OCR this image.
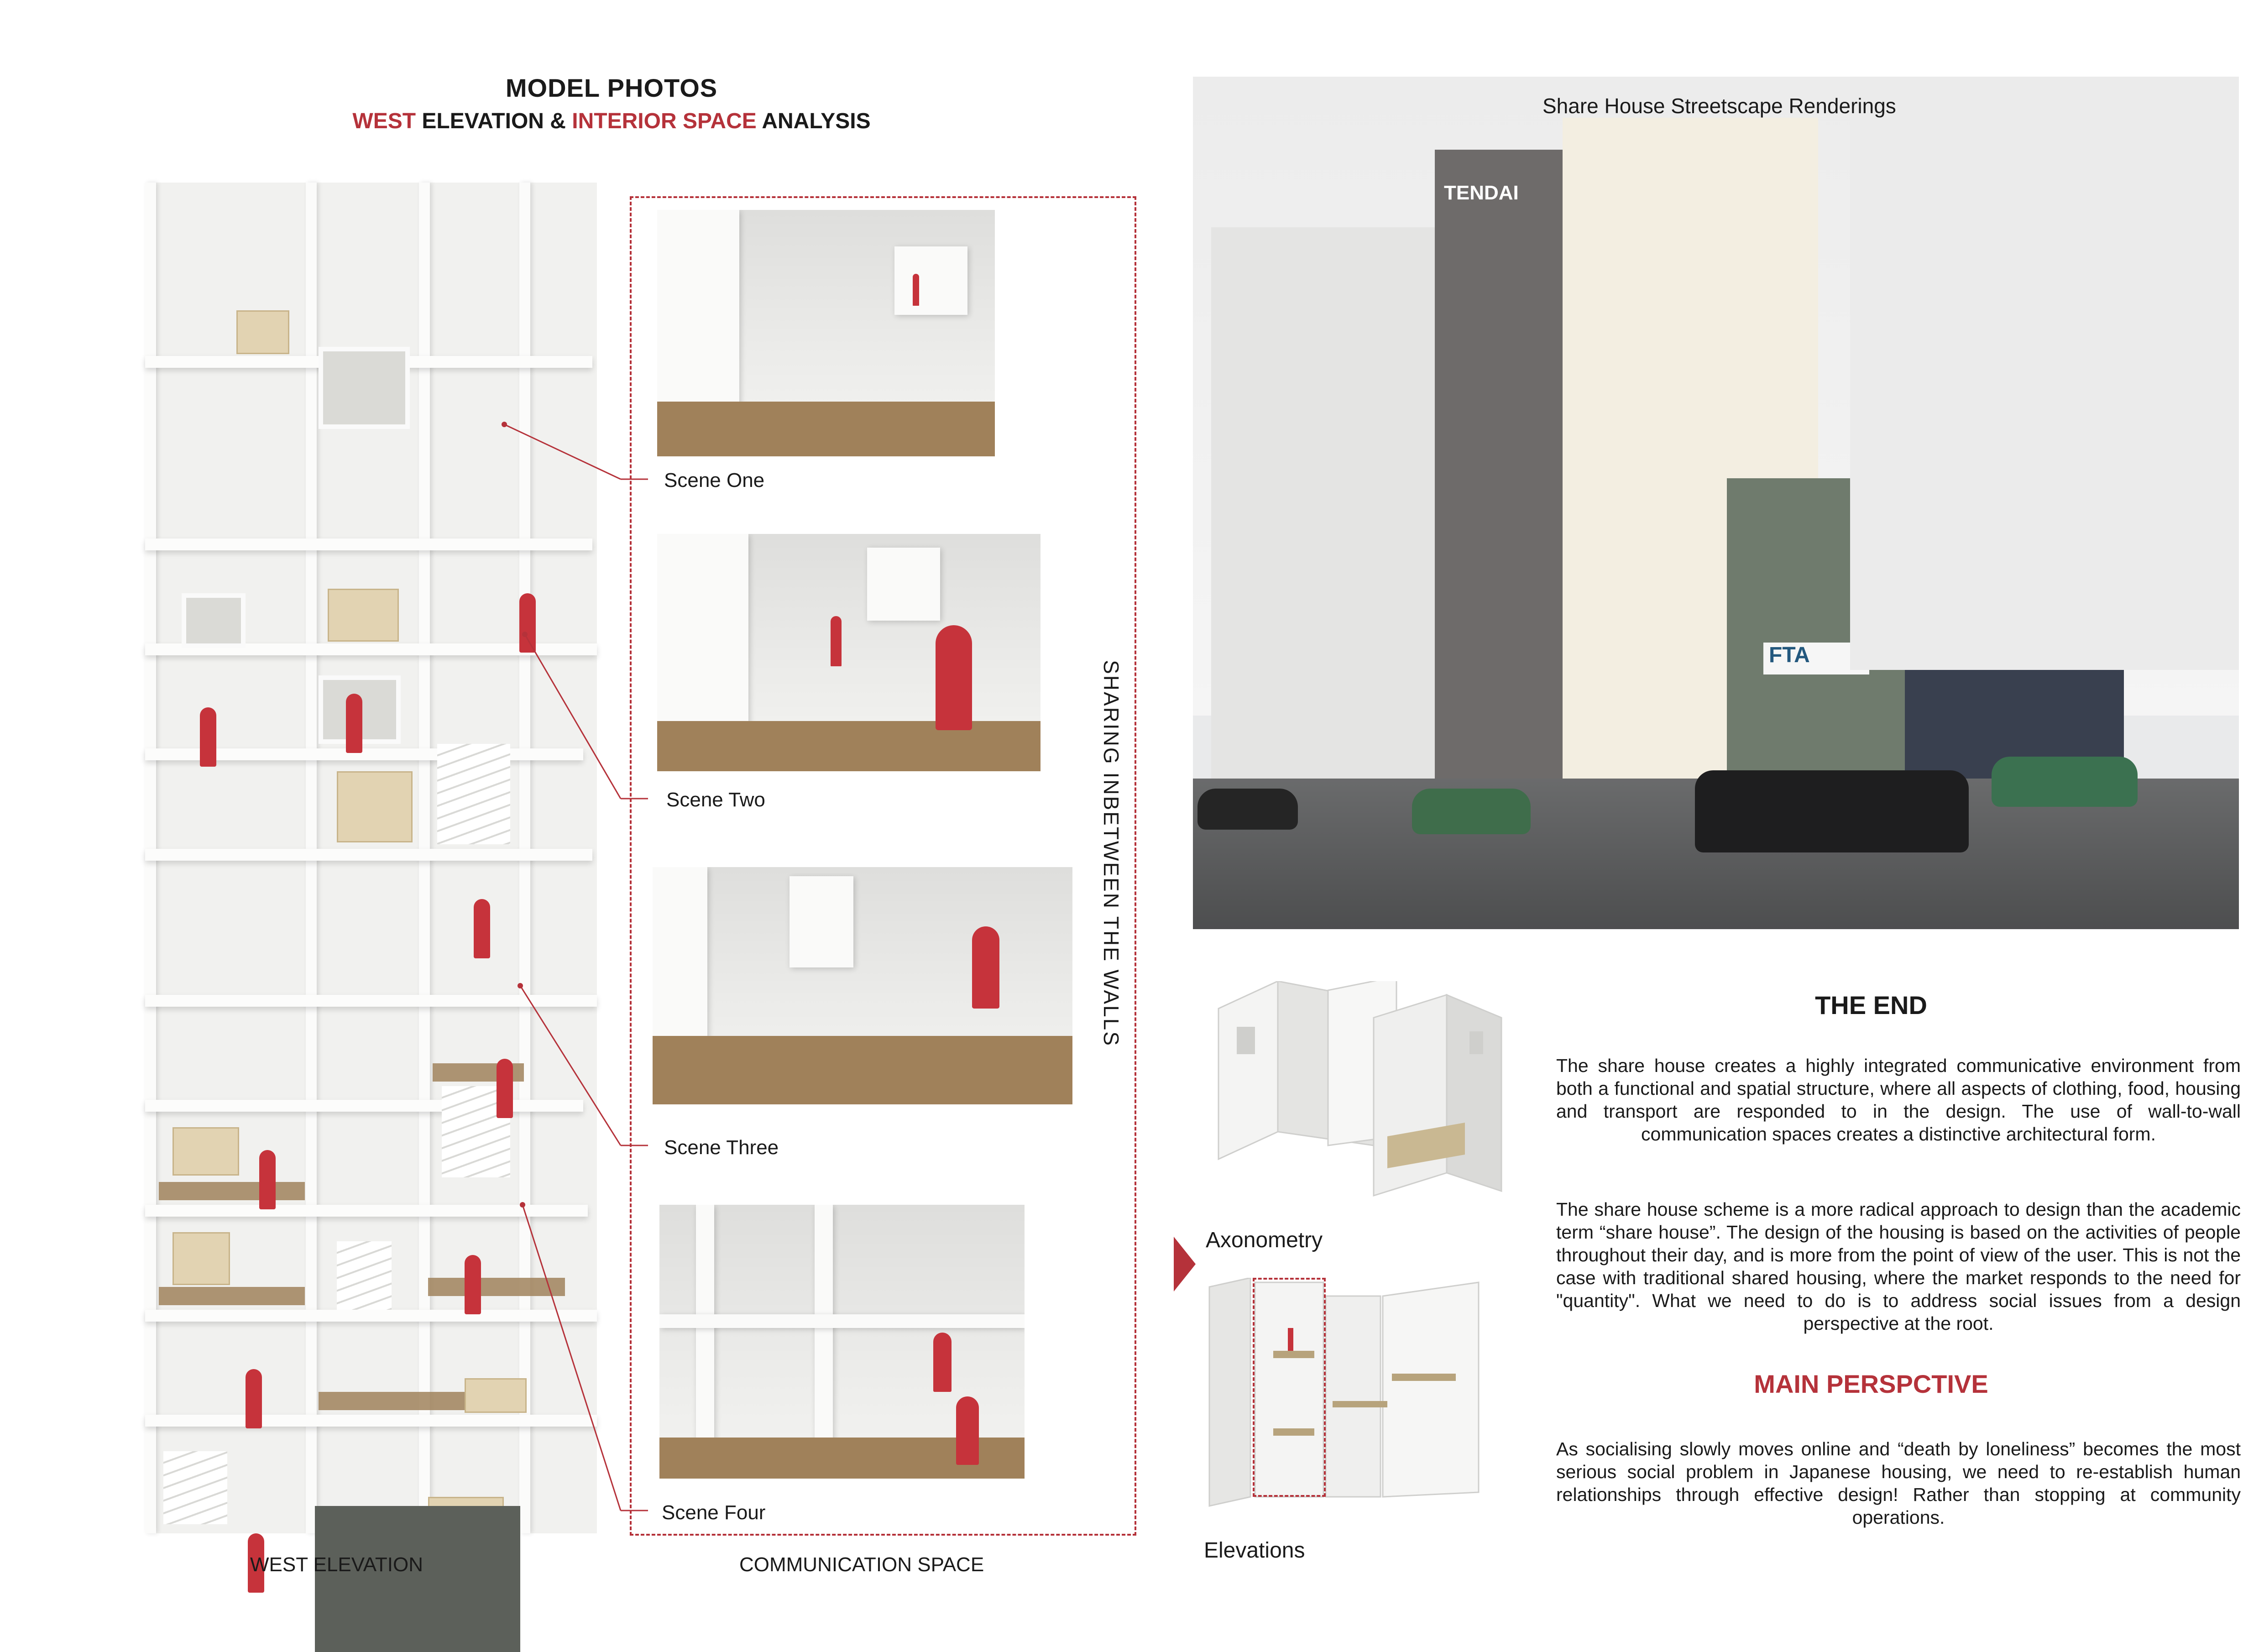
MODEL PHOTOS
WEST ELEVATION & INTERIOR SPACE ANALYSIS
Scene One
Scene Two
Scene Three
Scene Four
SHARING INBETWEEN THE WALLS
WEST ELEVATION	COMMUNICATION SPACE
TENDAI
FTA
Share House Streetscape Renderings
Axonometry
Elevations
THE END
The share house creates a highly integrated communicative environment from both a functional and spatial structure, where all aspects of clothing, food, housing and transport are responded to in the design. The use of wall-to-wall communication spaces creates a distinctive architectural form.
The share house scheme is a more radical approach to design than the academic term “share house”. The design of the housing is based on the activities of people throughout their day, and is more from the point of view of the user. This is not the case with traditional shared housing, where the market responds to the need for "quantity". What we need to do is to address social issues from a design perspective at the root.
MAIN PERSPCTIVE
As socialising slowly moves online and “death by loneliness” becomes the most serious social problem in Japanese housing, we need to re-establish human relationships through effective design! Rather than stopping at community operations.
